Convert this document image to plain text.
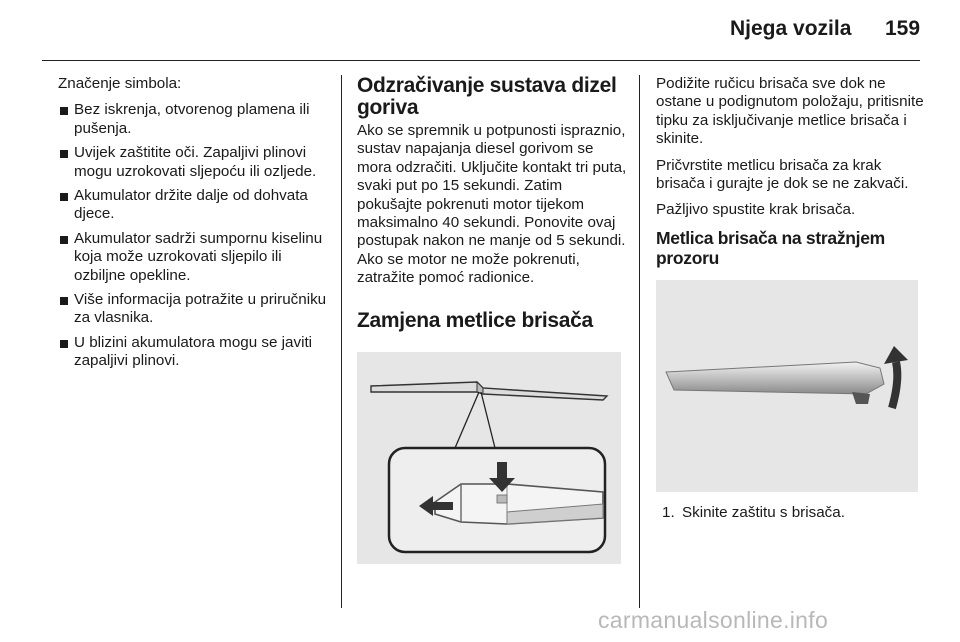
Njega vozila 159

Značenje simbola:

Bez iskrenja, otvorenog plamena ili pušenja.
Uvijek zaštitite oči. Zapaljivi plinovi mogu uzrokovati sljepoću ili ozljede.
Akumulator držite dalje od dohvata djece.
Akumulator sadrži sumpornu kiselinu koja može uzrokovati sljepilo ili ozbiljne opekline.
Više informacija potražite u priručniku za vlasnika.
U blizini akumulatora mogu se javiti zapaljivi plinovi.
Odzračivanje sustava dizel goriva

Ako se spremnik u potpunosti ispraznio, sustav napajanja diesel gorivom se mora odzračiti. Uključite kontakt tri puta, svaki put po 15 sekundi. Zatim pokušajte pokrenuti motor tijekom maksimalno 40 sekundi. Ponovite ovaj postupak nakon ne manje od 5 sekundi. Ako se motor ne može pokrenuti, zatražite pomoć radionice.

Zamjena metlice brisača

Podižite ručicu brisača sve dok ne ostane u podignutom položaju, pritisnite tipku za isključivanje metlice brisača i skinite.

Pričvrstite metlicu brisača za krak brisača i gurajte je dok se ne zakvači.

Pažljivo spustite krak brisača.

Metlica brisača na stražnjem prozoru
1. Skinite zaštitu s brisača.
carmanualsonline.info
